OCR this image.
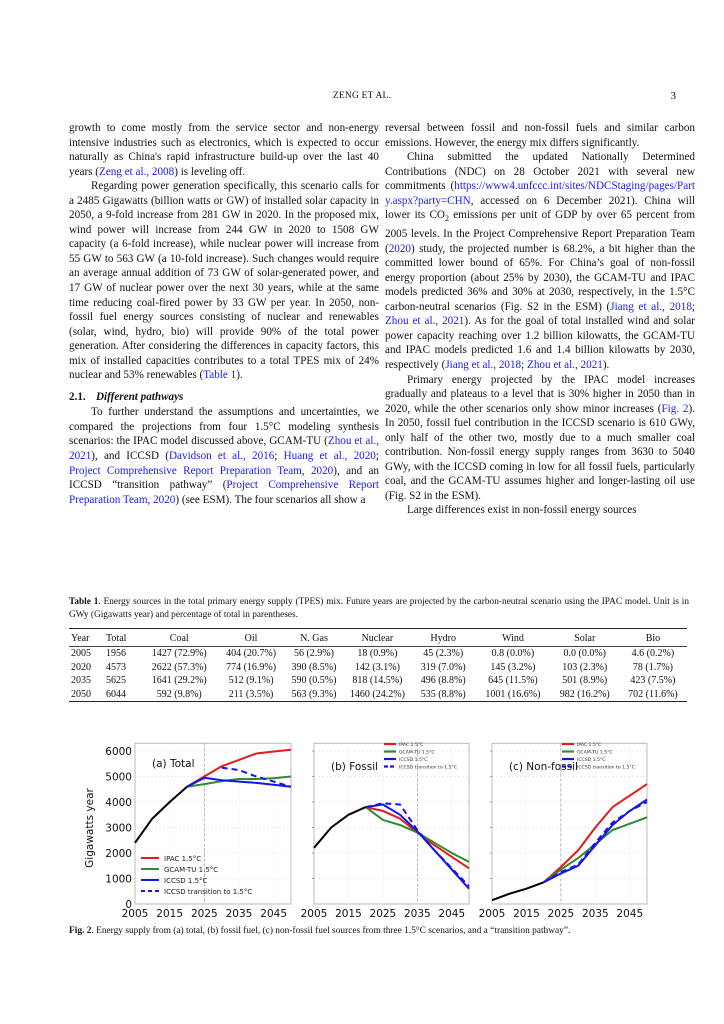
ZENG ET AL.	3

growth to come mostly from the service sector and non-energy intensive industries such as electronics, which is expected to occur naturally as China's rapid infrastructure build-up over the last 40 years (Zeng et al., 2008) is leveling off.

Regarding power generation specifically, this scenario calls for a 2485 Gigawatts (billion watts or GW) of installed solar capacity in 2050, a 9-fold increase from 281 GW in 2020. In the proposed mix, wind power will increase from 244 GW in 2020 to 1508 GW capacity (a 6-fold increase), while nuclear power will increase from 55 GW to 563 GW (a 10-fold increase). Such changes would require an average annual addition of 73 GW of solar-generated power, and 17 GW of nuclear power over the next 30 years, while at the same time reducing coal-fired power by 33 GW per year. In 2050, non-fossil fuel energy sources consisting of nuclear and renewables (solar, wind, hydro, bio) will provide 90% of the total power generation. After considering the differences in capacity factors, this mix of installed capacities contributes to a total TPES mix of 24% nuclear and 53% renewables (Table 1).

2.1. Different pathways

To further understand the assumptions and uncertainties, we compared the projections from four 1.5°C modeling synthesis scenarios: the IPAC model discussed above, GCAM-TU (Zhou et al., 2021), and ICCSD (Davidson et al., 2016; Huang et al., 2020; Project Comprehensive Report Preparation Team, 2020), and an ICCSD “transition pathway” (Project Comprehensive Report Preparation Team, 2020) (see ESM). The four scenarios all show a

reversal between fossil and non-fossil fuels and similar carbon emissions. However, the energy mix differs significantly.

China submitted the updated Nationally Determined Contributions (NDC) on 28 October 2021 with several new commitments (https://www4.unfccc.int/sites/NDCStaging/pages/Party.aspx?party=CHN, accessed on 6 December 2021). China will lower its $CO_2$ emissions per unit of GDP by over 65 percent from 2005 levels. In the Project Comprehensive Report Preparation Team (2020) study, the projected number is 68.2%, a bit higher than the committed lower bound of 65%. For China’s goal of non-fossil energy proportion (about 25% by 2030), the GCAM-TU and IPAC models predicted 36% and 30% at 2030, respectively, in the 1.5°C carbon-neutral scenarios (Fig. S2 in the ESM) (Jiang et al., 2018; Zhou et al., 2021). As for the goal of total installed wind and solar power capacity reaching over 1.2 billion kilowatts, the GCAM-TU and IPAC models predicted 1.6 and 1.4 billion kilowatts by 2030, respectively (Jiang et al., 2018; Zhou et al., 2021).

Primary energy projected by the IPAC model increases gradually and plateaus to a level that is 30% higher in 2050 than in 2020, while the other scenarios only show minor increases (Fig. 2). In 2050, fossil fuel contribution in the ICCSD scenario is 610 GWy, only half of the other two, mostly due to a much smaller coal contribution. Non-fossil energy supply ranges from 3630 to 5040 GWy, with the ICCSD coming in low for all fossil fuels, particularly coal, and the GCAM-TU assumes higher and longer-lasting oil use (Fig. S2 in the ESM).

Large differences exist in non-fossil energy sources

Table 1. Energy sources in the total primary energy supply (TPES) mix. Future years are projected by the carbon-neutral scenario using the IPAC model. Unit is in GWy (Gigawatts year) and percentage of total in parentheses.
Year	Total	Coal	Oil	N. Gas	Nuclear	Hydro	Wind	Solar	Bio
2005	1956	1427 (72.9%)	404 (20.7%)	56 (2.9%)	18 (0.9%)	45 (2.3%)	0.8 (0.0%)	0.0 (0.0%)	4.6 (0.2%)
2020	4573	2622 (57.3%)	774 (16.9%)	390 (8.5%)	142 (3.1%)	319 (7.0%)	145 (3.2%)	103 (2.3%)	78 (1.7%)
2035	5625	1641 (29.2%)	512 (9.1%)	590 (0.5%)	818 (14.5%)	496 (8.8%)	645 (11.5%)	501 (8.9%)	423 (7.5%)
2050	6044	592 (9.8%)	211 (3.5%)	563 (9.3%)	1460 (24.2%)	535 (8.8%)	1001 (16.6%)	982 (16.2%)	702 (11.6%)
2005 2015 2025 2035 2045
(a) Total
2005 2015 2025 2035 2045
(b) Fossil
2005 2015 2025 2035 2045
(c) Non-fossil
0
1000
2000
3000
4000
5000
6000
Gigawatts year	IPAC 1.5°C
GCAM-TU 1.5°C
ICCSD 1.5°C
ICCSD transition to 1.5°C
IPAC 1.5°C
GCAM-TU 1.5°C
ICCSD 1.5°C
ICCSD transition to 1.5°C
IPAC 1.5°C
GCAM-TU 1.5°C
ICCSD 1.5°C
ICCSD transition to 1.5°C
Fig. 2. Energy supply from (a) total, (b) fossil fuel, (c) non-fossil fuel sources from three 1.5°C scenarios, and a “transition pathway”.
